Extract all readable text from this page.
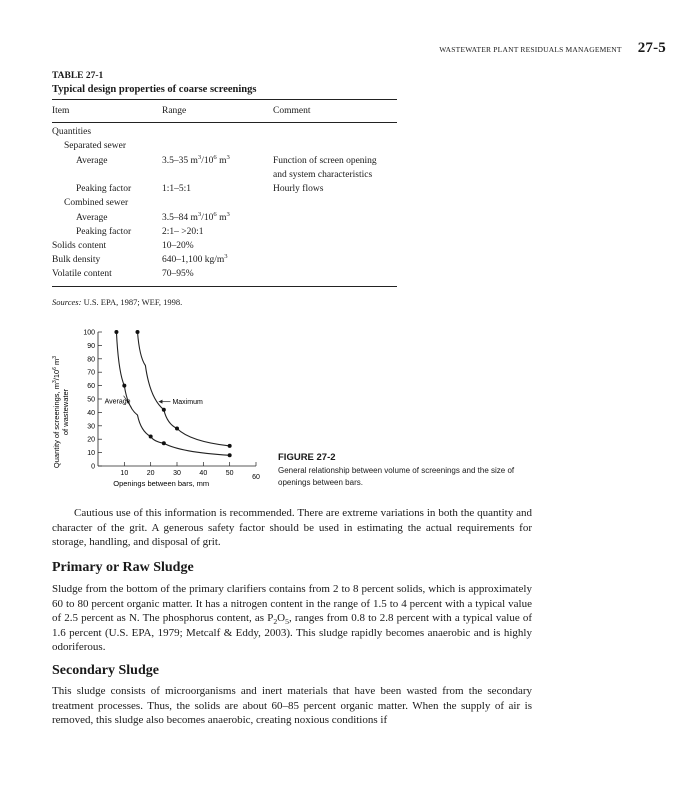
WASTEWATER PLANT RESIDUALS MANAGEMENT 27-5
TABLE 27-1
Typical design properties of coarse screenings
Item	Range	Comment
Quantities
Separated sewer
Average	3.5–35 $m^3/10^6$ $m^3$	Function of screen opening
and system characteristics
Peaking factor	1:1–5:1	Hourly flows
Combined sewer
Average	3.5–84 $m^3/10^6$ $m^3$
Peaking factor	2:1– >20:1
Solids content	10–20%
Bulk density	640–1,100 $kg/m^3$
Volatile content	70–95%
Sources: U.S. EPA, 1987; WEF, 1998.
Quantity of screenings, $m^3/10^6$ $m^3$
of wastewater
0
10
20
30
40
50
60
70
80
90
100
10	20	30	40	50
60
Openings between bars, mm
Maximum
Average
FIGURE 27-2
General relationship between volume of screenings and the size of openings between bars.
Cautious use of this information is recommended. There are extreme variations in both the quantity and character of the grit. A generous safety factor should be used in estimating the actual requirements for storage, handling, and disposal of grit.
Primary or Raw Sludge
Sludge from the bottom of the primary clarifiers contains from 2 to 8 percent solids, which is approximately 60 to 80 percent organic matter. It has a nitrogen content in the range of 1.5 to 4 percent with a typical value of 2.5 percent as N. The phosphorus content, as $P_2O_5$, ranges from 0.8 to 2.8 percent with a typical value of 1.6 percent (U.S. EPA, 1979; Metcalf & Eddy, 2003). This sludge rapidly becomes anaerobic and is highly odoriferous.
Secondary Sludge
This sludge consists of microorganisms and inert materials that have been wasted from the secondary treatment processes. Thus, the solids are about 60–85 percent organic matter. When the supply of air is removed, this sludge also becomes anaerobic, creating noxious conditions if
